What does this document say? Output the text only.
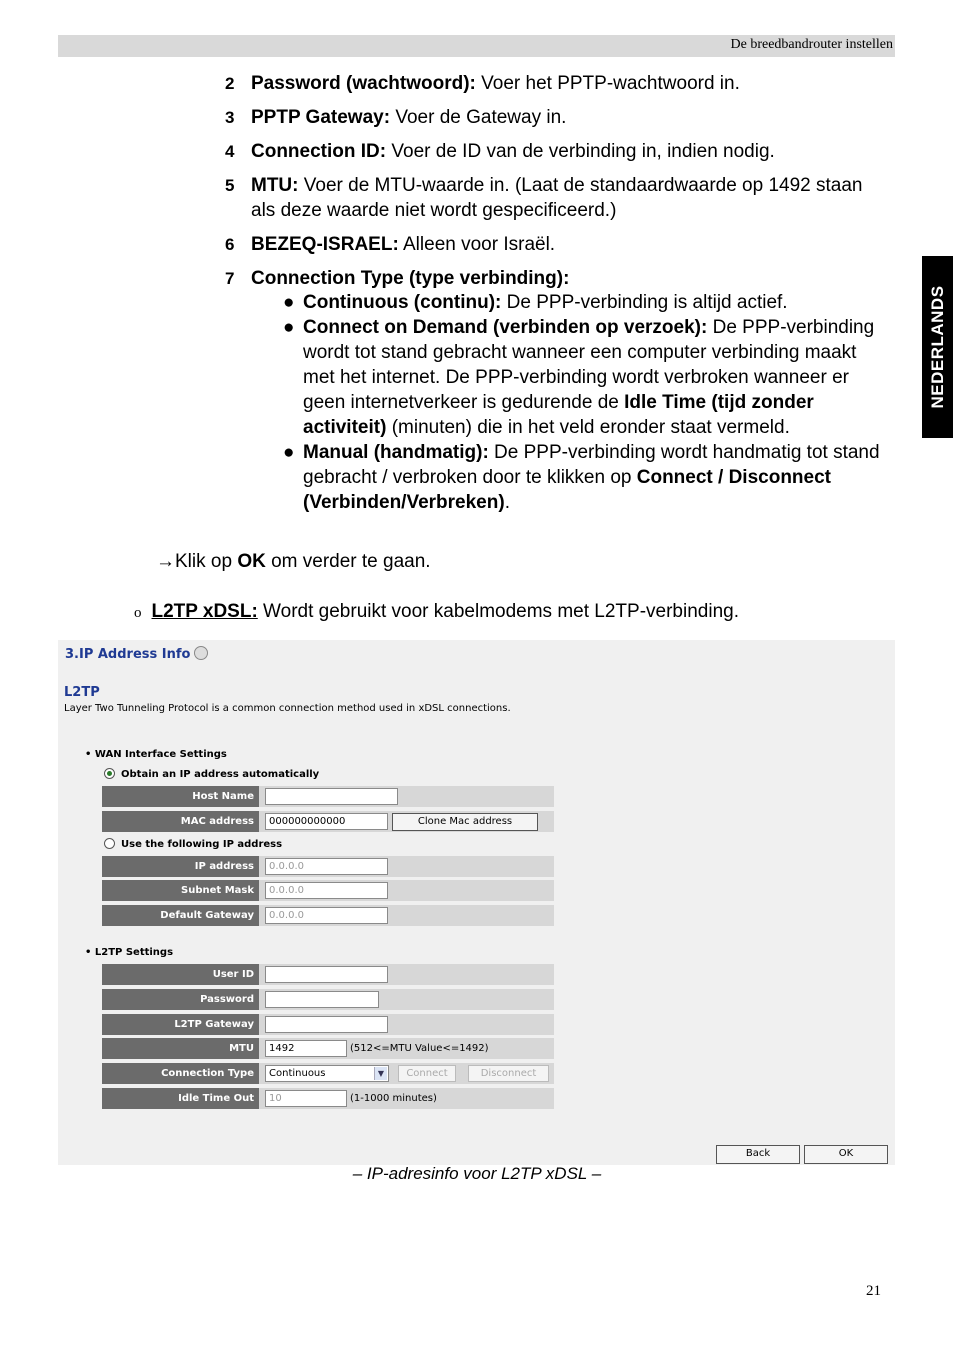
De breedbandrouter instellen
NEDERLANDS
2 Password (wachtwoord): Voer het PPTP-wachtwoord in.
3 PPTP Gateway: Voer de Gateway in.
4 Connection ID: Voer de ID van de verbinding in, indien nodig.
5 MTU: Voer de MTU-waarde in. (Laat de standaardwaarde op 1492 staan als deze waarde niet wordt gespecificeerd.)
6 BEZEQ-ISRAEL: Alleen voor Israël.
7 Connection Type (type verbinding):
● Continuous (continu): De PPP-verbinding is altijd actief.
● Connect on Demand (verbinden op verzoek): De PPP-verbinding wordt tot stand gebracht wanneer een computer verbinding maakt met het internet. De PPP-verbinding wordt verbroken wanneer er geen internetverkeer is gedurende de Idle Time (tijd zonder activiteit) (minuten) die in het veld eronder staat vermeld.
● Manual (handmatig): De PPP-verbinding wordt handmatig tot stand gebracht / verbroken door te klikken op Connect / Disconnect (Verbinden/Verbreken).
→Klik op OK om verder te gaan.
o L2TP xDSL: Wordt gebruikt voor kabelmodems met L2TP-verbinding.
3.IP Address Info
L2TP
Layer Two Tunneling Protocol is a common connection method used in xDSL connections.
• WAN Interface Settings
Obtain an IP address automatically
Host Name
MAC address	000000000000	Clone Mac address
Use the following IP address
IP address	0.0.0.0
Subnet Mask	0.0.0.0
Default Gateway	0.0.0.0
• L2TP Settings
User ID
Password
L2TP Gateway
MTU	1492	(512<=MTU Value<=1492)
Connection Type	Continuous	▼	Connect	Disconnect
Idle Time Out	10	(1-1000 minutes)
Back	OK
– IP-adresinfo voor L2TP xDSL –
21
